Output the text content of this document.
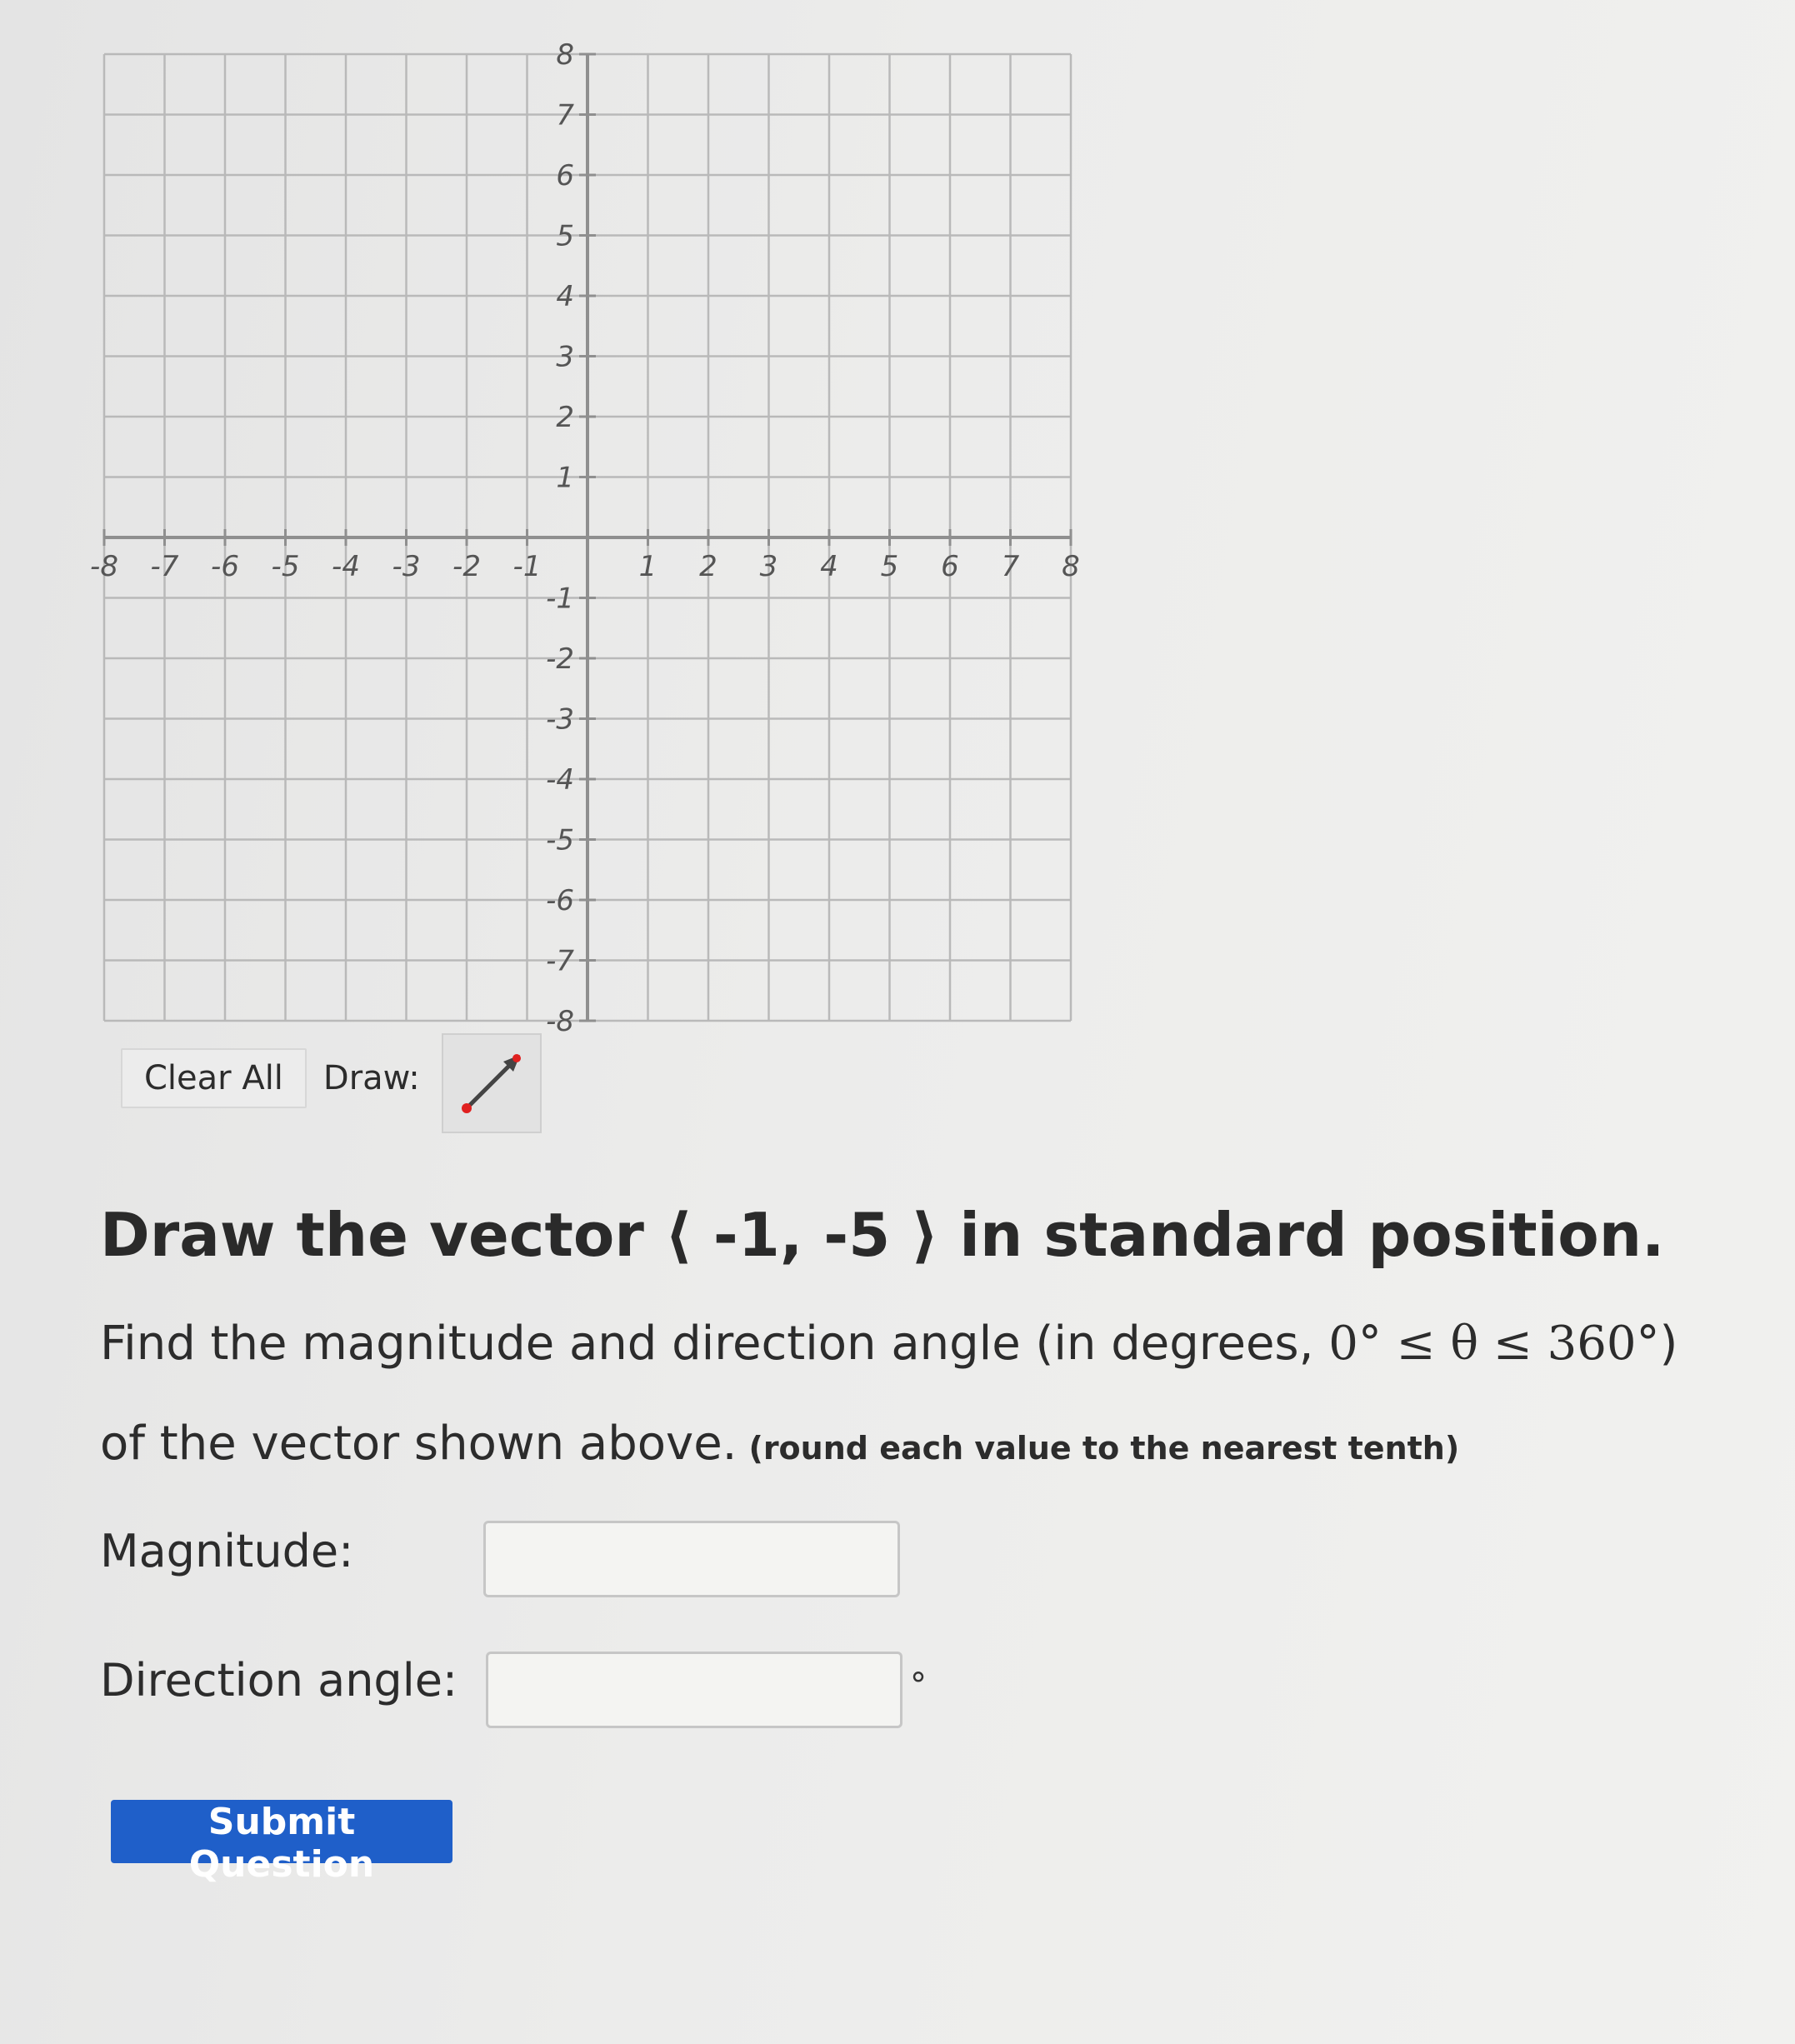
-8 -7 -6 -5 -4 -3 -2 -1	1 2 3 4 5 6 7 8
8
7
6
5
4
3
2
1
-1
-2
-3
-4
-5
-6
-7
-8
Clear All	Draw:
Draw the vector ⟨ -1, -5 ⟩ in standard position.
Find the magnitude and direction angle (in degrees, 0° ≤ θ ≤ 360°)
of the vector shown above. (round each value to the nearest tenth)
Magnitude:
Direction angle:	°
Submit Question
